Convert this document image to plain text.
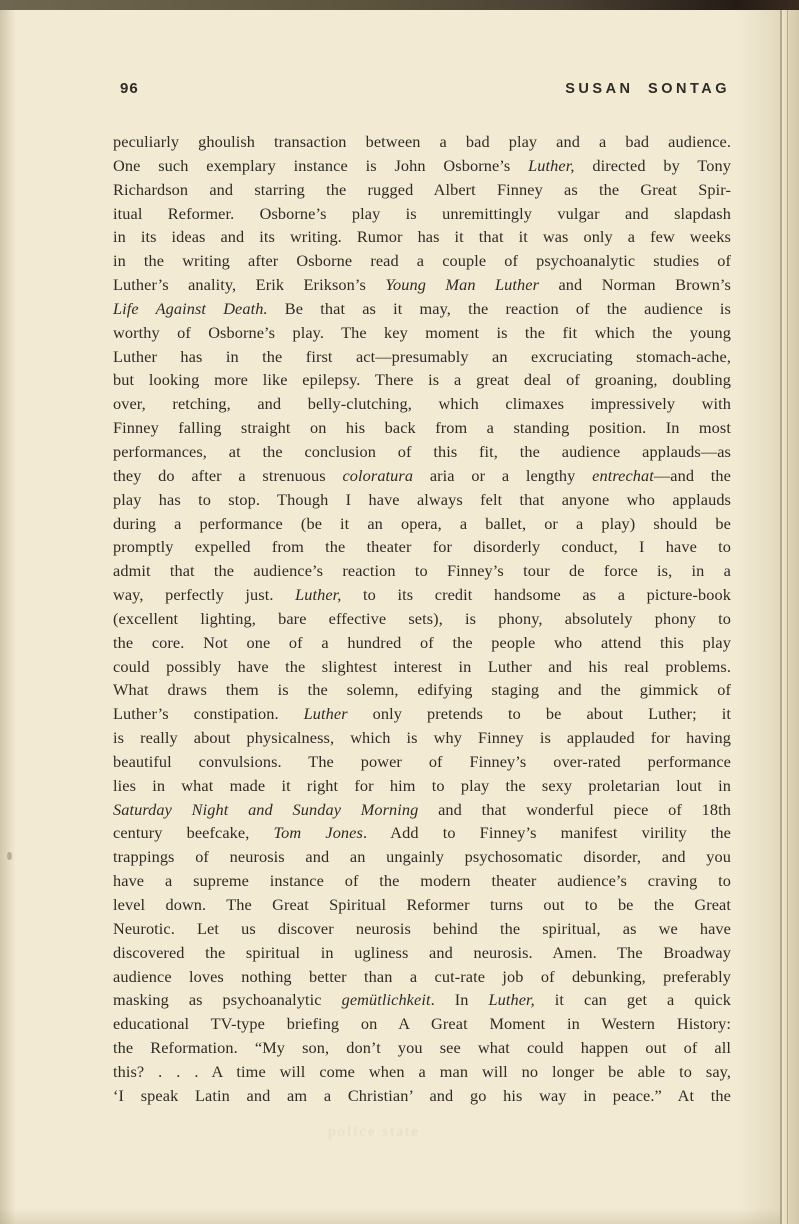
96	SUSAN SONTAG
peculiarly ghoulish transaction between a bad play and a bad audience.
One such exemplary instance is John Osborne’s Luther, directed by Tony
Richardson and starring the rugged Albert Finney as the Great Spir-
itual Reformer. Osborne’s play is unremittingly vulgar and slapdash
in its ideas and its writing. Rumor has it that it was only a few weeks
in the writing after Osborne read a couple of psychoanalytic studies of
Luther’s anality, Erik Erikson’s Young Man Luther and Norman Brown’s
Life Against Death. Be that as it may, the reaction of the audience is
worthy of Osborne’s play. The key moment is the fit which the young
Luther has in the first act—presumably an excruciating stomach-ache,
but looking more like epilepsy. There is a great deal of groaning, doubling
over, retching, and belly-clutching, which climaxes impressively with
Finney falling straight on his back from a standing position. In most
performances, at the conclusion of this fit, the audience applauds—as
they do after a strenuous coloratura aria or a lengthy entrechat—and the
play has to stop. Though I have always felt that anyone who applauds
during a performance (be it an opera, a ballet, or a play) should be
promptly expelled from the theater for disorderly conduct, I have to
admit that the audience’s reaction to Finney’s tour de force is, in a
way, perfectly just. Luther, to its credit handsome as a picture-book
(excellent lighting, bare effective sets), is phony, absolutely phony to
the core. Not one of a hundred of the people who attend this play
could possibly have the slightest interest in Luther and his real problems.
What draws them is the solemn, edifying staging and the gimmick of
Luther’s constipation. Luther only pretends to be about Luther; it
is really about physicalness, which is why Finney is applauded for having
beautiful convulsions. The power of Finney’s over-rated performance
lies in what made it right for him to play the sexy proletarian lout in
Saturday Night and Sunday Morning and that wonderful piece of 18th
century beefcake, Tom Jones. Add to Finney’s manifest virility the
trappings of neurosis and an ungainly psychosomatic disorder, and you
have a supreme instance of the modern theater audience’s craving to
level down. The Great Spiritual Reformer turns out to be the Great
Neurotic. Let us discover neurosis behind the spiritual, as we have
discovered the spiritual in ugliness and neurosis. Amen. The Broadway
audience loves nothing better than a cut-rate job of debunking, preferably
masking as psychoanalytic gemütlichkeit. In Luther, it can get a quick
educational TV-type briefing on A Great Moment in Western History:
the Reformation. “My son, don’t you see what could happen out of all
this? . . . A time will come when a man will no longer be able to say,
‘I speak Latin and am a Christian’ and go his way in peace.” At the
police state
